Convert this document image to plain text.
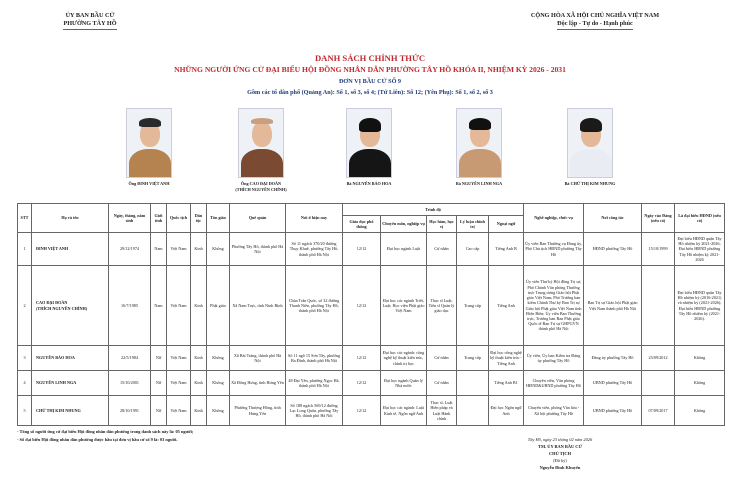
ỦY BAN BẦU CỬ
PHƯỜNG TÂY HỒ
CỘNG HÒA XÃ HỘI CHỦ NGHĨA VIỆT NAM
Độc lập - Tự do - Hạnh phúc
DANH SÁCH CHÍNH THỨC
NHỮNG NGƯỜI ỨNG CỬ ĐẠI BIỂU HỘI ĐỒNG NHÂN DÂN PHƯỜNG TÂY HỒ KHÓA II, NHIỆM KỲ 2026 - 2031
ĐƠN VỊ BẦU CỬ SỐ 9
Gồm các tổ dân phố (Quảng An): Số 1, số 3, số 4; (Tứ Liên): Số 12; (Yên Phụ): Số 1, số 2, số 3
Ông ĐINH VIỆT ANH	Ông CAO ĐẠI ĐOÀN
(THÍCH NGUYÊN CHÍNH)
Bà NGUYỄN BẢO HOA	Bà NGUYỄN LINH NGA	Bà CHỬ THỊ KIM NHUNG
STT	Họ và tên	Ngày, tháng, năm sinh	Giới tính	Quốc tịch	Dân tộc	Tôn giáo	Quê quán	Nơi ở hiện nay	Trình độ					Nghề nghiệp, chức vụ	Nơi công tác	Ngày vào Đảng (nếu có)	Là đại biểu HĐND (nếu có)
									Giáo dục phổ thông	Chuyên môn, nghiệp vụ	Học hàm, học vị	Lý luận chính trị	Ngoại ngữ				
1	ĐINH VIỆT ANH	29/12/1974	Nam	Việt Nam	Kinh	Không	Phường Tây Hồ, thành phố Hà Nội	Số 11 ngách 370/20 đường Thụy Khuê, phường Tây Hồ, thành phố Hà Nội	12/12	Đại học ngành Luật	Cử nhân	Cao cấp	Tiếng Anh B	Ủy viên Ban Thường vụ Đảng ủy, Phó Chủ tịch HĐND phường Tây Hồ	HĐND phường Tây Hồ	15/10/1999	Đại biểu HĐND quận Tây Hồ nhiệm kỳ 2021-2026; Đại biểu HĐND phường Tây Hồ nhiệm kỳ 2021-2026
2	CAO ĐẠI ĐOÀN
(THÍCH NGUYÊN CHÍNH)	16/7/1985	Nam	Việt Nam	Kinh	Phật giáo	Xã Nam Trực, tỉnh Ninh Bình	Chùa Trấn Quốc, số 32 đường Thanh Niên, phường Tây Hồ, thành phố Hà Nội	12/12	Đại học các ngành Triết, Luật; Học viện Phật giáo Việt Nam	Thạc sĩ Luật; Tiến sĩ Quản lý giáo dục	Trung cấp	Tiếng Anh	Ủy viên Thư ký Hội đồng Trị sự, Phó Chánh Văn phòng Thường trực Trung ương Giáo hội Phật giáo Việt Nam; Phó Trưởng ban kiểm Chánh Thư ký Ban Trị sự Giáo hội Phật giáo Việt Nam tỉnh Điện Biên; Ủy viên Ban Thường trực, Trưởng ban Ban Phật giáo Quốc tế Ban Trị sự GHPGVN thành phố Hà Nội	Ban Trị sự Giáo hội Phật giáo Việt Nam thành phố Hà Nội		Đại biểu HĐND quận Tây Hồ nhiệm kỳ (2016-2021) và nhiệm kỳ (2021-2026); Đại biểu HĐND phường Tây Hồ nhiệm kỳ (2021-2026).
3	NGUYỄN BẢO HOA	22/5/1984	Nữ	Việt Nam	Kinh	Không	Xã Bát Tràng, thành phố Hà Nội	Số 11 ngõ 15 Sơn Tây, phường Ba Đình, thành phố Hà Nội	12/12	Đại học các ngành: công nghệ kỹ thuật kiến trúc, chính trị học	Cử nhân	Trung cấp	Đại học công nghệ kỹ thuật kiến trúc - Tiếng Anh	Ủy viên, Ủy ban Kiểm tra Đảng ủy phường Tây Hồ	Đảng ủy phường Tây Hồ	25/09/2012	Không
4	NGUYỄN LINH NGA	15/10/2001	Nữ	Việt Nam	Kinh	Không	Xã Đông Hưng, tỉnh Hưng Yên	48 Đại Yên, phường Ngọc Hà, thành phố Hà Nội	12/12	Đại học ngành Quản lý Nhà nước	Cử nhân		Tiếng Anh B1	Chuyên viên, Văn phòng HĐND&UBND phường Tây Hồ	UBND phường Tây Hồ		Không
5	CHỬ THỊ KIM NHUNG	28/10/1991	Nữ	Việt Nam	Kinh	Không	Phường Thượng Hồng, tỉnh Hưng Yên	Số 188 ngách 569/12 đường Lạc Long Quân, phường Tây Hồ, thành phố Hà Nội	12/12	Đại học các ngành: Luật Kinh tế, Ngôn ngữ Anh	Thạc sĩ, Luật Hiến pháp và Luật Hành chính		Đại học Ngôn ngữ Anh	Chuyên viên, phòng Văn hóa - Xã hội phường Tây Hồ	UBND phường Tây Hồ	07/09/2017	Không
- Tổng số người ứng cử đại biểu Hội đồng nhân dân phường trong danh sách này là: 05 người;
- Số đại biểu Hội đồng nhân dân phường được bầu tại đơn vị bầu cử số 9 là: 03 người.	Tây Hồ, ngày 23 tháng 02 năm 2026
TM. ỦY BAN BẦU CỬ
CHỦ TỊCH
(Đã ký)
Nguyễn Đình Khuyến
